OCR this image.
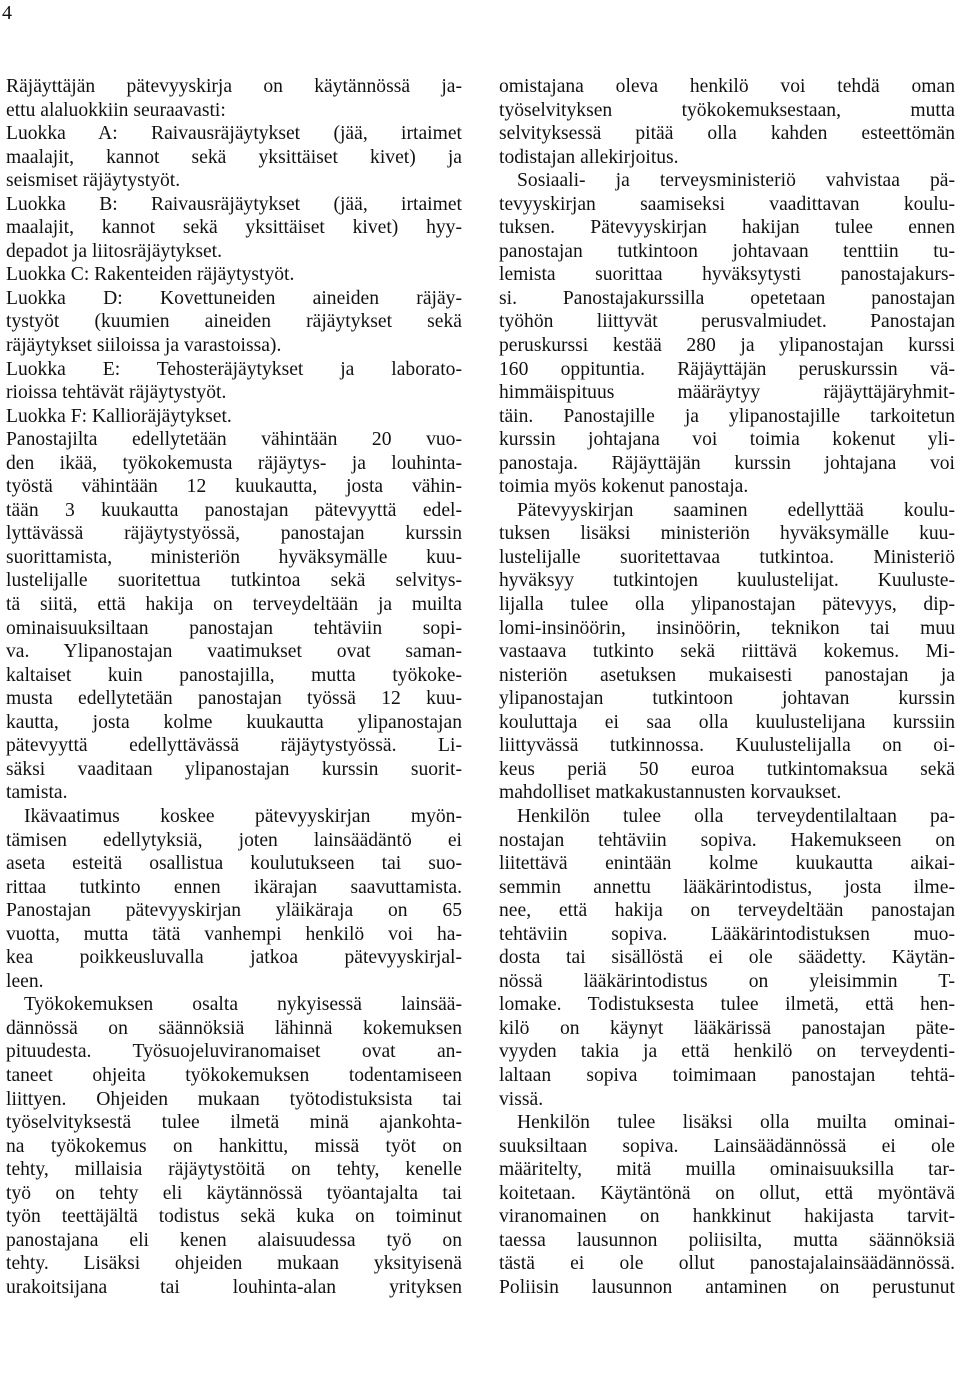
4
Räjäyttäjän pätevyyskirja on käytännössä ja-
ettu alaluokkiin seuraavasti:
Luokka A: Raivausräjäytykset (jää, irtaimet
maalajit, kannot sekä yksittäiset kivet) ja
seismiset räjäytystyöt.
Luokka B: Raivausräjäytykset (jää, irtaimet
maalajit, kannot sekä yksittäiset kivet) hyy-
depadot ja liitosräjäytykset.
Luokka C: Rakenteiden räjäytystyöt.
Luokka D: Kovettuneiden aineiden räjäy-
tystyöt (kuumien aineiden räjäytykset sekä
räjäytykset siiloissa ja varastoissa).
Luokka E: Tehosteräjäytykset ja laborato-
rioissa tehtävät räjäytystyöt.
Luokka F: Kallioräjäytykset.
Panostajilta edellytetään vähintään 20 vuo-
den ikää, työkokemusta räjäytys- ja louhinta-
työstä vähintään 12 kuukautta, josta vähin-
tään 3 kuukautta panostajan pätevyyttä edel-
lyttävässä räjäytystyössä, panostajan kurssin
suorittamista, ministeriön hyväksymälle kuu-
lustelijalle suoritettua tutkintoa sekä selvitys-
tä siitä, että hakija on terveydeltään ja muilta
ominaisuuksiltaan panostajan tehtäviin sopi-
va. Ylipanostajan vaatimukset ovat saman-
kaltaiset kuin panostajilla, mutta työkoke-
musta edellytetään panostajan työssä 12 kuu-
kautta, josta kolme kuukautta ylipanostajan
pätevyyttä edellyttävässä räjäytystyössä. Li-
säksi vaaditaan ylipanostajan kurssin suorit-
tamista.
Ikävaatimus koskee pätevyyskirjan myön-
tämisen edellytyksiä, joten lainsäädäntö ei
aseta esteitä osallistua koulutukseen tai suo-
rittaa tutkinto ennen ikärajan saavuttamista.
Panostajan pätevyyskirjan yläikäraja on 65
vuotta, mutta tätä vanhempi henkilö voi ha-
kea poikkeusluvalla jatkoa pätevyyskirjal-
leen.
Työkokemuksen osalta nykyisessä lainsää-
dännössä on säännöksiä lähinnä kokemuksen
pituudesta. Työsuojeluviranomaiset ovat an-
taneet ohjeita työkokemuksen todentamiseen
liittyen. Ohjeiden mukaan työtodistuksista tai
työselvityksestä tulee ilmetä minä ajankohta-
na työkokemus on hankittu, missä työt on
tehty, millaisia räjäytystöitä on tehty, kenelle
työ on tehty eli käytännössä työantajalta tai
työn teettäjältä todistus sekä kuka on toiminut
panostajana eli kenen alaisuudessa työ on
tehty. Lisäksi ohjeiden mukaan yksityisenä
urakoitsijana tai louhinta-alan yrityksen
omistajana oleva henkilö voi tehdä oman
työselvityksen työkokemuksestaan, mutta
selvityksessä pitää olla kahden esteettömän
todistajan allekirjoitus.
Sosiaali- ja terveysministeriö vahvistaa pä-
tevyyskirjan saamiseksi vaadittavan koulu-
tuksen. Pätevyyskirjan hakijan tulee ennen
panostajan tutkintoon johtavaan tenttiin tu-
lemista suorittaa hyväksytysti panostajakurs-
si. Panostajakurssilla opetetaan panostajan
työhön liittyvät perusvalmiudet. Panostajan
peruskurssi kestää 280 ja ylipanostajan kurssi
160 oppituntia. Räjäyttäjän peruskurssin vä-
himmäispituus määräytyy räjäyttäjäryhmit-
täin. Panostajille ja ylipanostajille tarkoitetun
kurssin johtajana voi toimia kokenut yli-
panostaja. Räjäyttäjän kurssin johtajana voi
toimia myös kokenut panostaja.
Pätevyyskirjan saaminen edellyttää koulu-
tuksen lisäksi ministeriön hyväksymälle kuu-
lustelijalle suoritettavaa tutkintoa. Ministeriö
hyväksyy tutkintojen kuulustelijat. Kuuluste-
lijalla tulee olla ylipanostajan pätevyys, dip-
lomi-insinöörin, insinöörin, teknikon tai muu
vastaava tutkinto sekä riittävä kokemus. Mi-
nisteriön asetuksen mukaisesti panostajan ja
ylipanostajan tutkintoon johtavan kurssin
kouluttaja ei saa olla kuulustelijana kurssiin
liittyvässä tutkinnossa. Kuulustelijalla on oi-
keus periä 50 euroa tutkintomaksua sekä
mahdolliset matkakustannusten korvaukset.
Henkilön tulee olla terveydentilaltaan pa-
nostajan tehtäviin sopiva. Hakemukseen on
liitettävä enintään kolme kuukautta aikai-
semmin annettu lääkärintodistus, josta ilme-
nee, että hakija on terveydeltään panostajan
tehtäviin sopiva. Lääkärintodistuksen muo-
dosta tai sisällöstä ei ole säädetty. Käytän-
nössä lääkärintodistus on yleisimmin T-
lomake. Todistuksesta tulee ilmetä, että hen-
kilö on käynyt lääkärissä panostajan päte-
vyyden takia ja että henkilö on terveydenti-
laltaan sopiva toimimaan panostajan tehtä-
vissä.
Henkilön tulee lisäksi olla muilta ominai-
suuksiltaan sopiva. Lainsäädännössä ei ole
määritelty, mitä muilla ominaisuuksilla tar-
koitetaan. Käytäntönä on ollut, että myöntävä
viranomainen on hankkinut hakijasta tarvit-
taessa lausunnon poliisilta, mutta säännöksiä
tästä ei ole ollut panostajalainsäädännössä.
Poliisin lausunnon antaminen on perustunut
